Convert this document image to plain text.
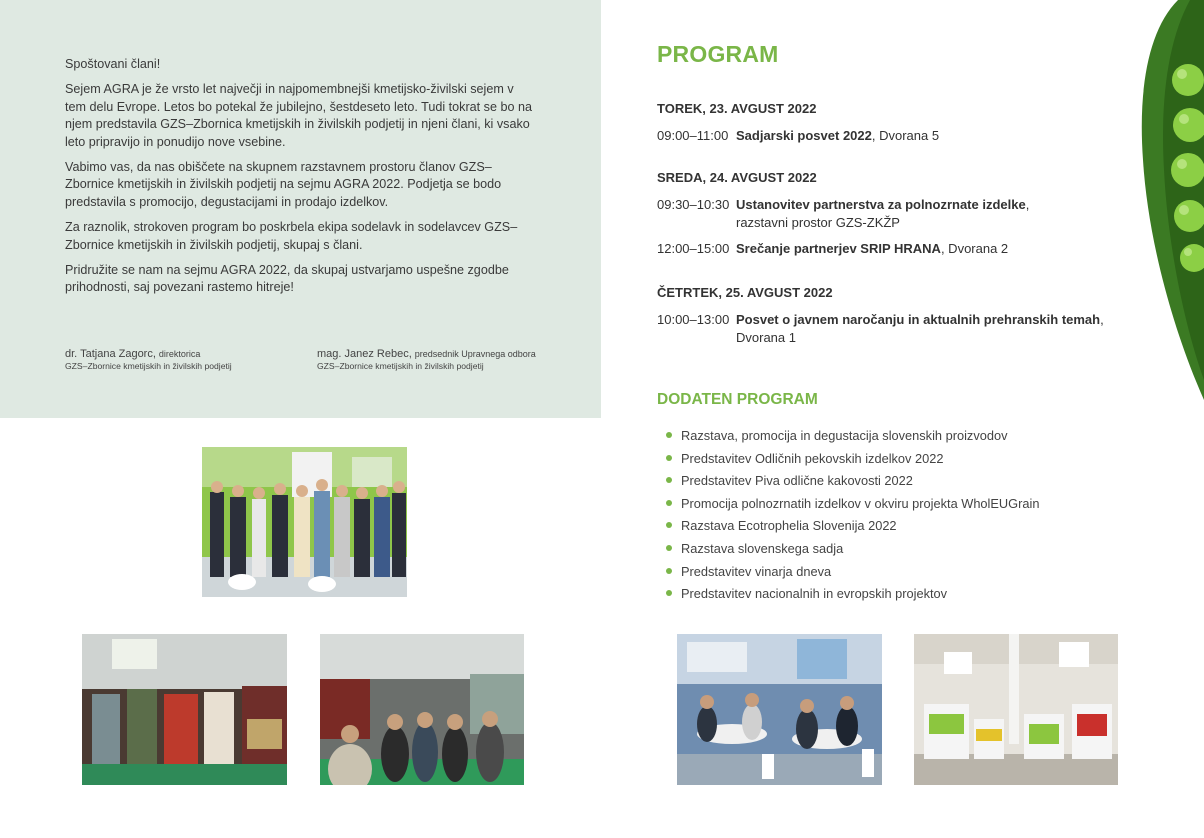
Spoštovani člani!

Sejem AGRA je že vrsto let največji in najpomembnejši kmetijsko-živilski sejem v tem delu Evrope. Letos bo potekal že jubilejno, šestdeseto leto. Tudi tokrat se bo na njem predstavila GZS–Zbornica kmetijskih in živilskih podjetij in njeni člani, ki vsako leto pripravijo in ponudijo nove vsebine.

Vabimo vas, da nas obiščete na skupnem razstavnem prostoru članov GZS–Zbornice kmetijskih in živilskih podjetij na sejmu AGRA 2022. Podjetja se bodo predstavila s promocijo, degustacijami in prodajo izdelkov.

Za raznolik, strokoven program bo poskrbela ekipa sodelavk in sodelavcev GZS–Zbornice kmetijskih in živilskih podjetij, skupaj s člani.

Pridružite se nam na sejmu AGRA 2022, da skupaj ustvarjamo uspešne zgodbe prihodnosti, saj povezani rastemo hitreje!

dr. Tatjana Zagorc, direktorica
GZS–Zbornice kmetijskih in živilskih podjetij
mag. Janez Rebec, predsednik Upravnega odbora
GZS–Zbornice kmetijskih in živilskih podjetij
PROGRAM
TOREK, 23. AVGUST 2022
09:00–11:00 Sadjarski posvet 2022, Dvorana 5
SREDA, 24. AVGUST 2022
09:30–10:30 Ustanovitev partnerstva za polnozrnate izdelke,
razstavni prostor GZS-ZKŽP
12:00–15:00 Srečanje partnerjev SRIP HRANA, Dvorana 2
ČETRTEK, 25. AVGUST 2022
10:00–13:00 Posvet o javnem naročanju in aktualnih prehranskih temah,
Dvorana 1
DODATEN PROGRAM
Razstava, promocija in degustacija slovenskih proizvodov
Predstavitev Odličnih pekovskih izdelkov 2022
Predstavitev Piva odlične kakovosti 2022
Promocija polnozrnatih izdelkov v okviru projekta WholEUGrain
Razstava Ecotrophelia Slovenija 2022
Razstava slovenskega sadja
Predstavitev vinarja dneva
Predstavitev nacionalnih in evropskih projektov
